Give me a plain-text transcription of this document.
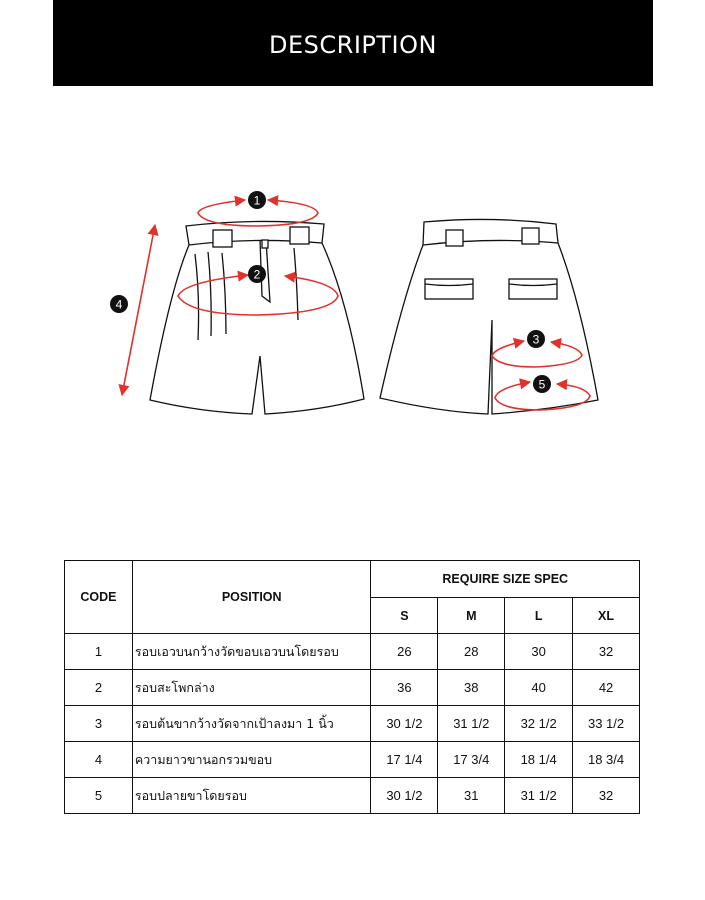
DESCRIPTION
1
2
3
4
5
CODE	POSITION	REQUIRE SIZE SPEC			
		S	M	L	XL
1	รอบเอวบนกว้างวัดขอบเอวบนโดยรอบ	26	28	30	32
2	รอบสะโพกล่าง	36	38	40	42
3	รอบต้นขากว้างวัดจากเป้าลงมา 1 นิ้ว	30 1/2	31 1/2	32 1/2	33 1/2
4	ความยาวขานอกรวมขอบ	17 1/4	17 3/4	18 1/4	18 3/4
5	รอบปลายขาโดยรอบ	30 1/2	31	31 1/2	32
